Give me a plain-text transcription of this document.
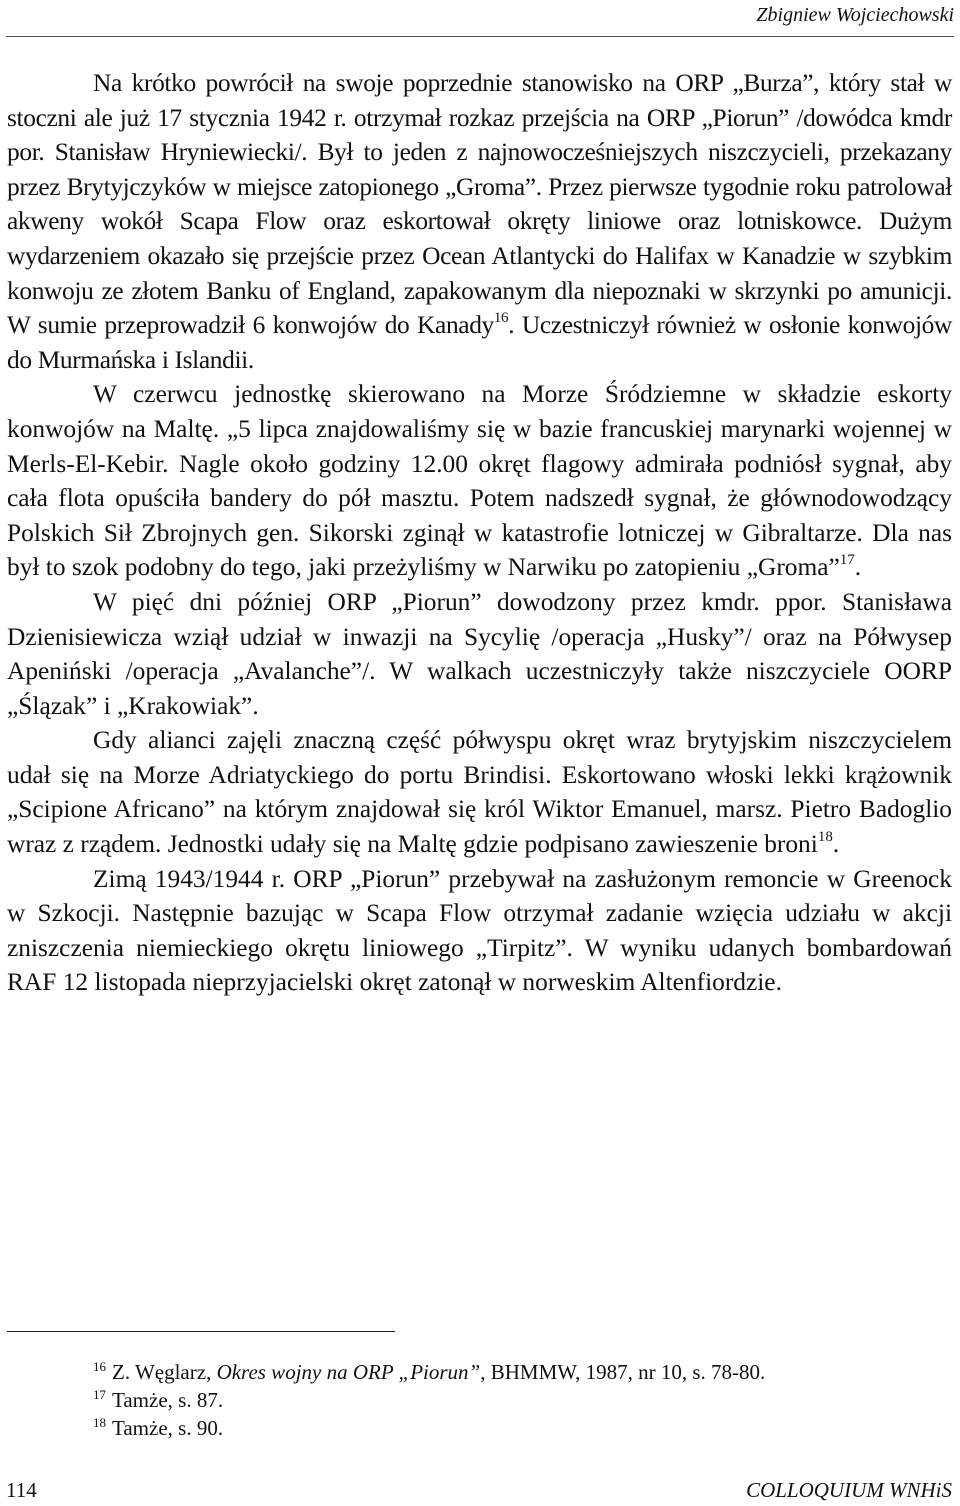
Zbigniew Wojciechowski

Na krótko powrócił na swoje poprzednie stanowisko na ORP „Burza”, który stał w stoczni ale już 17 stycznia 1942 r. otrzymał rozkaz przejścia na ORP „Piorun” /dowódca kmdr por. Stanisław Hryniewiecki/. Był to jeden z najnowocześniejszych niszczycieli, przekazany przez Brytyjczyków w miejsce zatopionego „Groma”. Przez pierwsze tygodnie roku patrolował akweny wokół Scapa Flow oraz eskortował okręty liniowe oraz lotniskowce. Dużym wydarzeniem okazało się przejście przez Ocean Atlantycki do Halifax w Kanadzie w szybkim konwoju ze złotem Banku of England, zapakowanym dla niepoznaki w skrzynki po amunicji. W sumie przeprowadził 6 konwojów do Kanady$^{16}$. Uczestniczył również w osłonie konwojów do Murmańska i Islandii.

W czerwcu jednostkę skierowano na Morze Śródziemne w składzie eskorty konwojów na Maltę. „5 lipca znajdowaliśmy się w bazie francuskiej marynarki wojennej w Merls-El-Kebir. Nagle około godziny 12.00 okręt flagowy admirała podniósł sygnał, aby cała flota opuściła bandery do pół masztu. Potem nadszedł sygnał, że głównodowodzący Polskich Sił Zbrojnych gen. Sikorski zginął w katastrofie lotniczej w Gibraltarze. Dla nas był to szok podobny do tego, jaki przeżyliśmy w Narwiku po zatopieniu „Groma”$^{17}$.

W pięć dni później ORP „Piorun” dowodzony przez kmdr. ppor. Stanisława Dzienisiewicza wziął udział w inwazji na Sycylię /operacja „Husky”/ oraz na Półwysep Apeniński /operacja „Avalanche”/. W walkach uczestniczyły także niszczyciele OORP „Ślązak” i „Krakowiak”.

Gdy alianci zajęli znaczną część półwyspu okręt wraz brytyjskim niszczycielem udał się na Morze Adriatyckiego do portu Brindisi. Eskortowano włoski lekki krążownik „Scipione Africano” na którym znajdował się król Wiktor Emanuel, marsz. Pietro Badoglio wraz z rządem. Jednostki udały się na Maltę gdzie podpisano zawieszenie broni$^{18}$.

Zimą 1943/1944 r. ORP „Piorun” przebywał na zasłużonym remoncie w Greenock w Szkocji. Następnie bazując w Scapa Flow otrzymał zadanie wzięcia udziału w akcji zniszczenia niemieckiego okrętu liniowego „Tirpitz”. W wyniku udanych bombardowań RAF 12 listopada nieprzyjacielski okręt zatonął w norweskim Altenfiordzie.

$^{16}$ Z. Węglarz, Okres wojny na ORP „Piorun”, BHMMW, 1987, nr 10, s. 78-80.

$^{17}$ Tamże, s. 87.

$^{18}$ Tamże, s. 90.

114	COLLOQUIUM WNHiS
